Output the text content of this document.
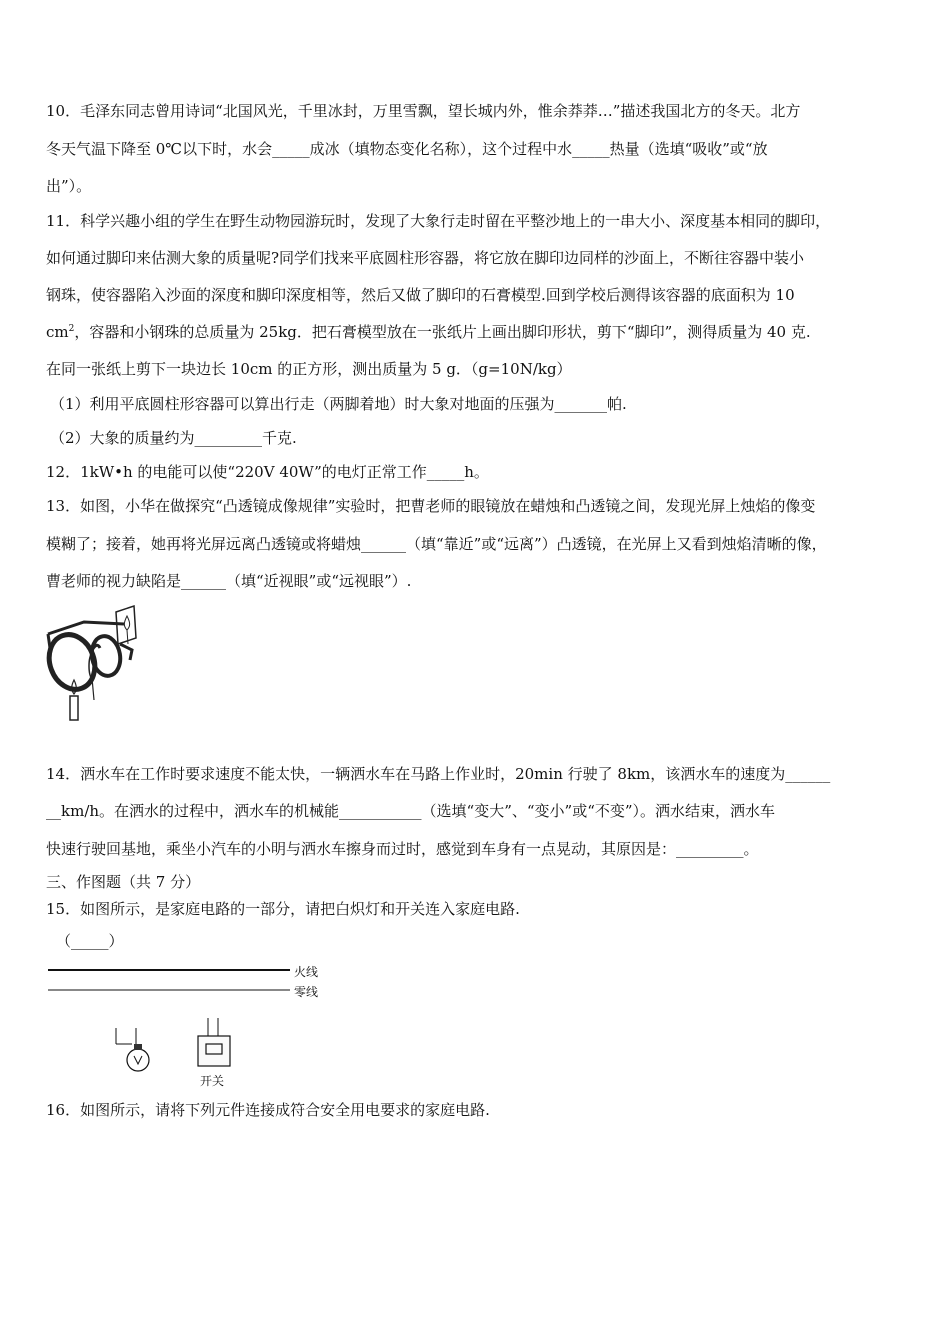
10．毛泽东同志曾用诗词“北国风光，千里冰封，万里雪飘，望长城内外，惟余莽莽…”描述我国北方的冬天。北方
冬天气温下降至 0℃以下时，水会_____成冰（填物态变化名称），这个过程中水_____热量（选填“吸收”或“放
出”）。
11．科学兴趣小组的学生在野生动物园游玩时，发现了大象行走时留在平整沙地上的一串大小、深度基本相同的脚印，
如何通过脚印来估测大象的质量呢?同学们找来平底圆柱形容器，将它放在脚印边同样的沙面上，不断往容器中装小
钢珠，使容器陷入沙面的深度和脚印深度相等，然后又做了脚印的石膏模型.回到学校后测得该容器的底面积为 10
$cm^2$，容器和小钢珠的总质量为 25kg．把石膏模型放在一张纸片上画出脚印形状，剪下“脚印”，测得质量为 40 克.
在同一张纸上剪下一块边长 10cm 的正方形，测出质量为 5 g．（g=10N/kg）
（1）利用平底圆柱形容器可以算出行走（两脚着地）时大象对地面的压强为_______帕.
（2）大象的质量约为_________千克.
12．1kW•h 的电能可以使“220V 40W”的电灯正常工作_____h。
13．如图，小华在做探究“凸透镜成像规律”实验时，把曹老师的眼镜放在蜡烛和凸透镜之间，发现光屏上烛焰的像变
模糊了；接着，她再将光屏远离凸透镜或将蜡烛______（填“靠近”或“远离”）凸透镜，在光屏上又看到烛焰清晰的像，
曹老师的视力缺陷是______（填“近视眼”或“远视眼”）.
14．洒水车在工作时要求速度不能太快，一辆洒水车在马路上作业时，20min 行驶了 8km，该洒水车的速度为______
__km/h。在洒水的过程中，洒水车的机械能___________（选填“变大”、“变小”或“不变”）。洒水结束，洒水车
快速行驶回基地，乘坐小汽车的小明与洒水车擦身而过时，感觉到车身有一点晃动，其原因是：_________。
三、作图题（共 7 分）
15．如图所示，是家庭电路的一部分，请把白炽灯和开关连入家庭电路.
（_____）
火线
零线
开关
16．如图所示，请将下列元件连接成符合安全用电要求的家庭电路.
